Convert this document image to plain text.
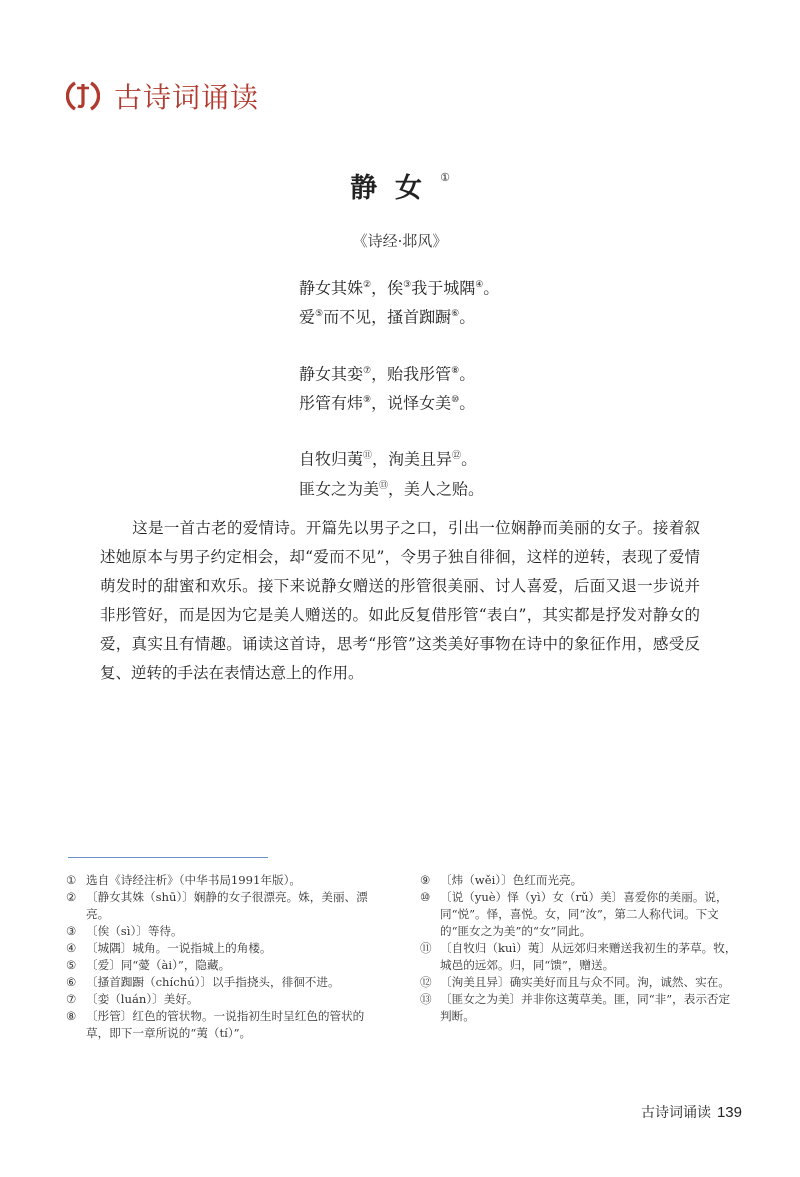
古诗词诵读
静女①
《诗经·邶风》
静女其姝②，俟③我于城隅④。
爱⑤而不见，搔首踟蹰⑥。
静女其娈⑦，贻我彤管⑧。
彤管有炜⑨，说怿女美⑩。
自牧归荑⑪，洵美且异⑫。
匪女之为美⑬，美人之贻。
这是一首古老的爱情诗。开篇先以男子之口，引出一位娴静而美丽的女子。接着叙述她原本与男子约定相会，却“爱而不见”，令男子独自徘徊，这样的逆转，表现了爱情萌发时的甜蜜和欢乐。接下来说静女赠送的彤管很美丽、讨人喜爱，后面又退一步说并非彤管好，而是因为它是美人赠送的。如此反复借彤管“表白”，其实都是抒发对静女的爱，真实且有情趣。诵读这首诗，思考“彤管”这类美好事物在诗中的象征作用，感受反复、逆转的手法在表情达意上的作用。
① 选自《诗经注析》（中华书局1991年版）。
② 〔静女其姝（shū）〕娴静的女子很漂亮。姝，美丽、漂亮。
③ 〔俟（sì）〕等待。
④ 〔城隅〕城角。一说指城上的角楼。
⑤ 〔爱〕同“薆（ài）”，隐藏。
⑥ 〔搔首踟蹰（chíchú）〕以手指挠头，徘徊不进。
⑦ 〔娈（luán）〕美好。
⑧ 〔彤管〕红色的管状物。一说指初生时呈红色的管状的草，即下一章所说的“荑（tí）”。
⑨ 〔炜（wěi）〕色红而光亮。
⑩ 〔说（yuè）怿（yì）女（rǔ）美〕喜爱你的美丽。说，同“悦”。怿，喜悦。女，同“汝”，第二人称代词。下文的“匪女之为美”的“女”同此。
⑪ 〔自牧归（kuì）荑〕从远郊归来赠送我初生的茅草。牧，城邑的远郊。归，同“馈”，赠送。
⑫ 〔洵美且异〕确实美好而且与众不同。洵，诚然、实在。
⑬ 〔匪女之为美〕并非你这荑草美。匪，同“非”，表示否定判断。
古诗词诵读 139
